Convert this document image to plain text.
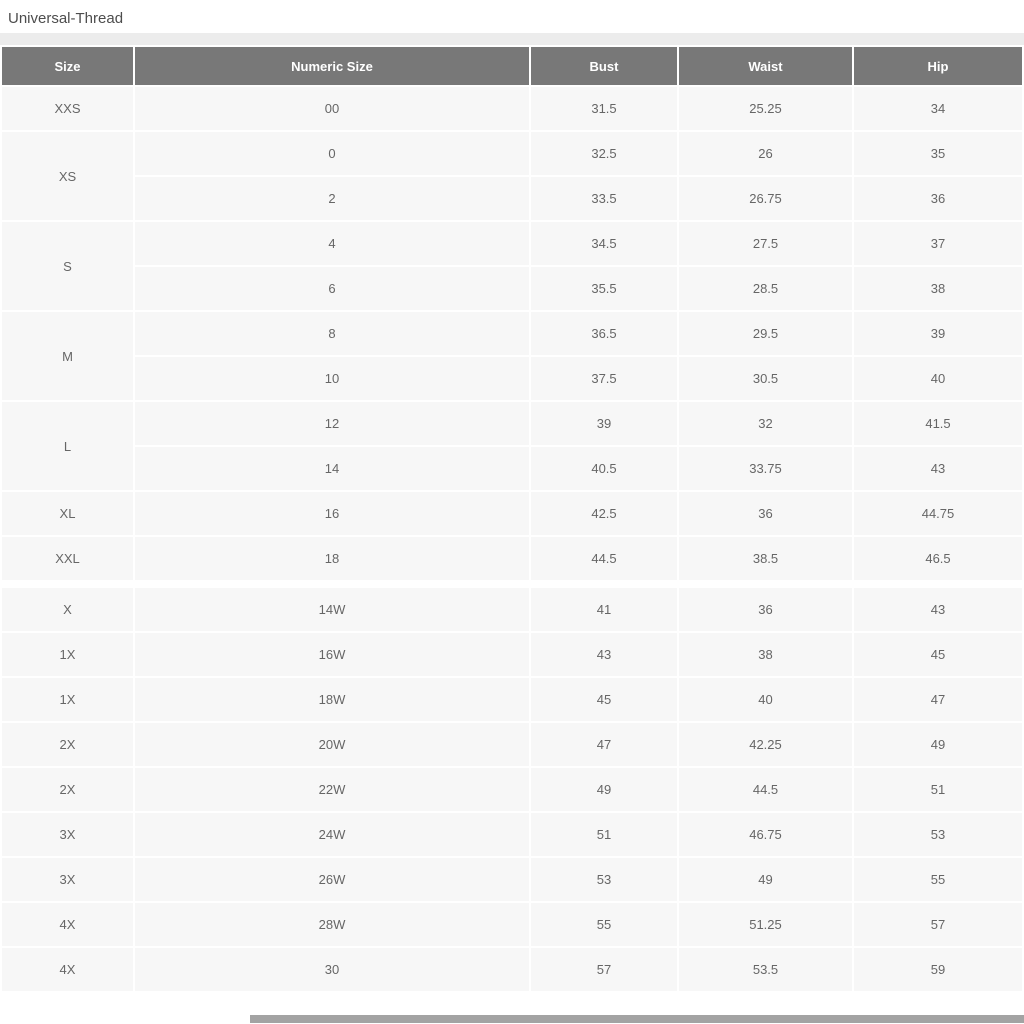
Universal-Thread
Size	Numeric Size	Bust	Waist	Hip
XXS	00	31.5	25.25	34
XS	0	32.5	26	35
	2	33.5	26.75	36
S	4	34.5	27.5	37
	6	35.5	28.5	38
M	8	36.5	29.5	39
	10	37.5	30.5	40
L	12	39	32	41.5
	14	40.5	33.75	43
XL	16	42.5	36	44.75
XXL	18	44.5	38.5	46.5

X	14W	41	36	43
1X	16W	43	38	45
1X	18W	45	40	47
2X	20W	47	42.25	49
2X	22W	49	44.5	51
3X	24W	51	46.75	53
3X	26W	53	49	55
4X	28W	55	51.25	57
4X	30	57	53.5	59
